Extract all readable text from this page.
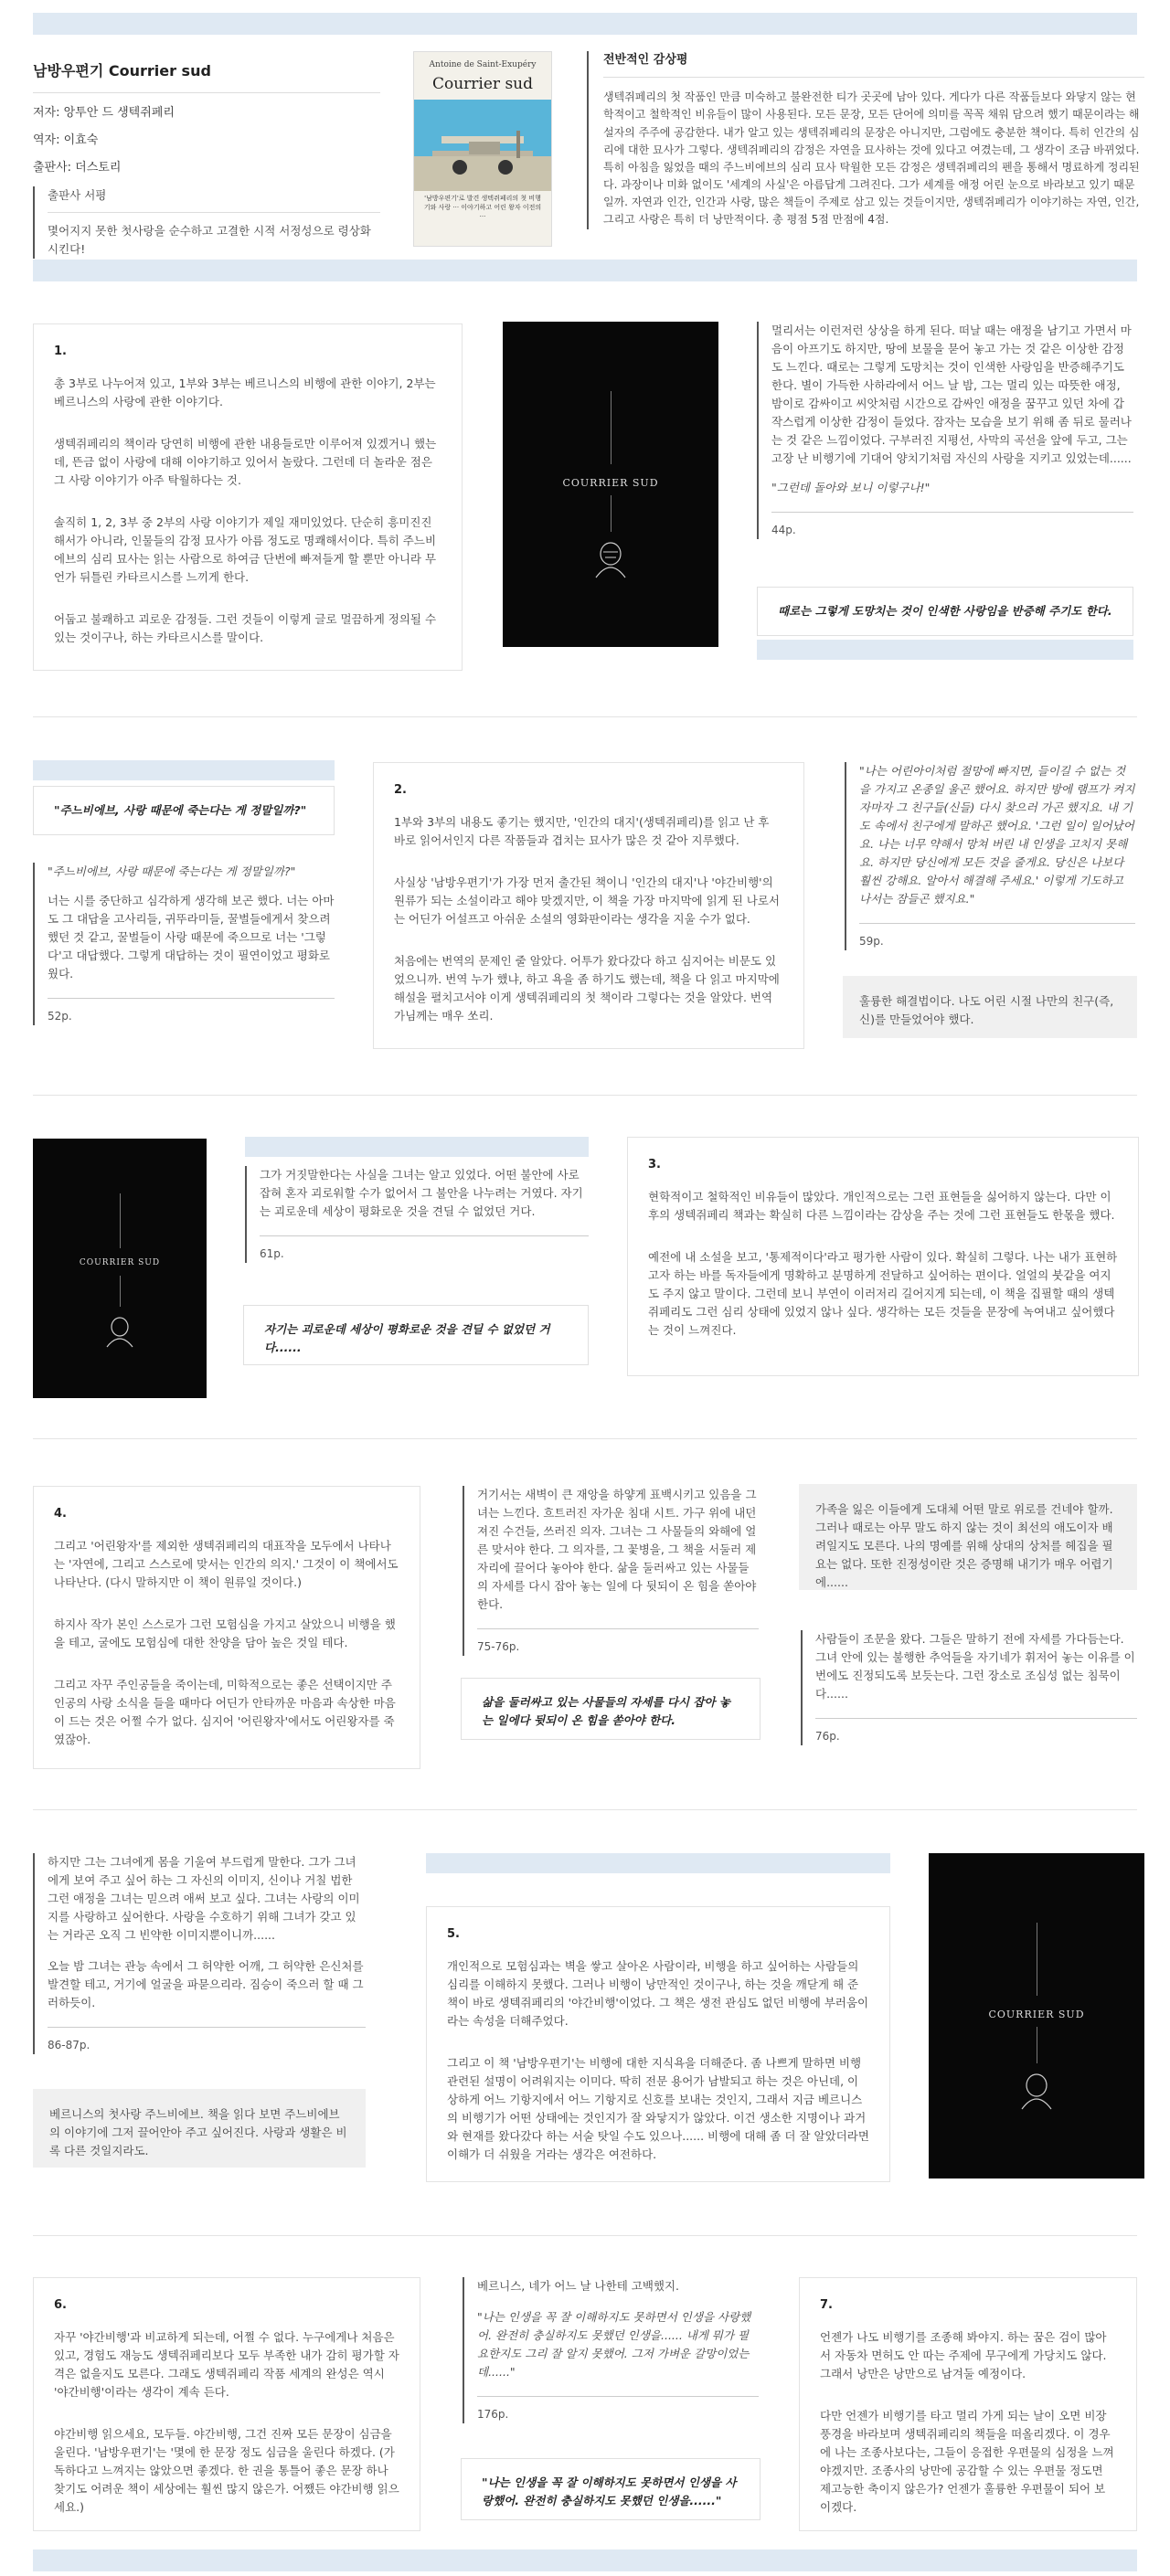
남방우편기 Courrier sud
저자: 앙투안 드 생텍쥐페리
역자: 이효숙
출판사: 더스토리
출판사 서평
몇어지지 못한 첫사랑을 순수하고 고결한 시적 서정성으로 령상화시킨다!
Antoine de Saint-Exupéry
Courrier sud
'남방우편기'로 발견 생텍쥐페리의 첫 비행기와 사랑 ··· 이야기하고 어린 왕자 이전의 ···
전반적인 감상평
생텍쥐페리의 첫 작품인 만큼 미숙하고 불완전한 티가 곳곳에 남아 있다. 게다가 다른 작품들보다 와닿지 않는 현학적이고 철학적인 비유들이 많이 사용된다. 모든 문장, 모든 단어에 의미를 꼭꼭 채워 담으려 했기 때문이라는 해설자의 주주에 공감한다. 내가 알고 있는 생텍쥐페리의 문장은 아니지만, 그럼에도 충분한 책이다. 특히 인간의 심리에 대한 묘사가 그렇다. 생텍쥐페리의 감정은 자연을 묘사하는 것에 있다고 여겼는데, 그 생각이 조금 바뀌었다. 특히 아침을 잃었을 때의 주느비에브의 심리 묘사 탁월한 모든 감정은 생텍쥐페리의 펜을 통해서 명료하게 정리된다. 과장이나 미화 없이도 '세계의 사실'은 아름답게 그려진다. 그가 세계를 애정 어린 눈으로 바라보고 있기 때문일까. 자연과 인간, 인간과 사랑, 많은 책들이 주제로 삼고 있는 것들이지만, 생텍쥐페리가 이야기하는 자연, 인간, 그리고 사랑은 특히 더 낭만적이다. 총 평점 5점 만점에 4점.
1.

총 3부로 나누어져 있고, 1부와 3부는 베르니스의 비행에 관한 이야기, 2부는 베르니스의 사랑에 관한 이야기다.

생텍쥐페리의 책이라 당연히 비행에 관한 내용들로만 이루어져 있겠거니 했는데, 뜬금 없이 사랑에 대해 이야기하고 있어서 놀랐다. 그런데 더 놀라운 점은 그 사랑 이야기가 아주 탁월하다는 것.

솔직히 1, 2, 3부 중 2부의 사랑 이야기가 제일 재미있었다. 단순히 흥미진진해서가 아니라, 인물들의 감정 묘사가 아름 정도로 명쾌해서이다. 특히 주느비에브의 심리 묘사는 읽는 사람으로 하여금 단번에 빠져들게 할 뿐만 아니라 무언가 뒤틀린 카타르시스를 느끼게 한다.

어둡고 불쾌하고 괴로운 감정들. 그런 것들이 이렇게 글로 멀끔하게 정의될 수 있는 것이구나, 하는 카타르시스를 말이다.

COURRIER SUD
멀리서는 이런저런 상상을 하게 된다. 떠날 때는 애정을 남기고 가면서 마음이 아프기도 하지만, 땅에 보물을 묻어 놓고 가는 것 같은 이상한 감정도 느낀다. 때로는 그렇게 도망치는 것이 인색한 사랑임을 반증해주기도 한다. 별이 가득한 사하라에서 어느 날 밤, 그는 멀리 있는 따뜻한 애정, 밤이로 감싸이고 씨앗처럼 시간으로 감싸인 애정을 꿈꾸고 있던 차에 갑작스럽게 이상한 감정이 들었다. 잠자는 모습을 보기 위해 좀 뒤로 물러나는 것 같은 느낌이었다. 구부러진 지평선, 사막의 곡선을 앞에 두고, 그는 고장 난 비행기에 기대어 양치기처럼 자신의 사랑을 지키고 있었는데......
"그런데 돌아와 보니 이렇구나!"
44p.
때로는 그렇게 도망치는 것이 인색한 사랑임을 반증해 주기도 한다.
"주느비에브, 사랑 때문에 죽는다는 게 정말일까?"
"주느비에브, 사랑 때문에 죽는다는 게 정말일까?"
너는 시를 중단하고 심각하게 생각해 보곤 했다. 너는 아마도 그 대답을 고사리들, 귀뚜라미들, 꿀벌들에게서 찾으려 했던 것 같고, 꿀벌들이 사랑 때문에 죽으므로 너는 '그렇다'고 대답했다. 그렇게 대답하는 것이 필연이었고 평화로웠다.
52p.
2.

1부와 3부의 내용도 좋기는 했지만, '인간의 대지'(생텍쥐페리)를 읽고 난 후 바로 읽어서인지 다른 작품들과 겹치는 묘사가 많은 것 같아 지루했다.

사실상 '남방우편기'가 가장 먼저 출간된 책이니 '인간의 대지'나 '야간비행'의 원류가 되는 소설이라고 해야 맞겠지만, 이 책을 가장 마지막에 읽게 된 나로서는 어딘가 어설프고 아쉬운 소설의 영화판이라는 생각을 지울 수가 없다.

처음에는 번역의 문제인 줄 알았다. 어투가 왔다갔다 하고 심지어는 비문도 있었으니까. 번역 누가 했냐, 하고 욕을 좀 하기도 했는데, 책을 다 읽고 마지막에 해설을 펼치고서야 이게 생텍쥐페리의 첫 책이라 그렇다는 것을 알았다. 번역가님께는 매우 쏘리.

"나는 어린아이처럼 절망에 빠지면, 들이길 수 없는 것을 가지고 온종일 울곤 했어요. 하지만 방에 램프가 켜지자마자 그 친구들(신들) 다시 찾으러 가곤 했지요. 내 기도 속에서 친구에게 말하곤 했어요. '그런 일이 일어났어요. 나는 너무 약해서 망쳐 버린 내 인생을 고치지 못해요. 하지만 당신에게 모든 것을 줄게요. 당신은 나보다 훨씬 강해요. 알아서 해결해 주세요.' 이렇게 기도하고 나서는 잠들곤 했지요."
59p.
훌륭한 해결법이다. 나도 어린 시절 나만의 친구(즉, 신)를 만들었어야 했다.
COURRIER SUD
그가 거짓말한다는 사실을 그녀는 알고 있었다. 어떤 불안에 사로잡혀 혼자 괴로워할 수가 없어서 그 불안을 나누려는 거였다. 자기는 괴로운데 세상이 평화로운 것을 견딜 수 없었던 거다.
61p.
자기는 괴로운데 세상이 평화로운 것을 견딜 수 없었던 거다......
3.

현학적이고 철학적인 비유들이 많았다. 개인적으로는 그런 표현들을 싫어하지 않는다. 다만 이후의 생텍쥐페리 책과는 확실히 다른 느낌이라는 감상을 주는 것에 그런 표현들도 한몫을 했다.

예전에 내 소설을 보고, '통제적이다'라고 평가한 사람이 있다. 확실히 그렇다. 나는 내가 표현하고자 하는 바를 독자들에게 명확하고 분명하게 전달하고 싶어하는 편이다. 얼얼의 붓같을 여지도 주지 않고 말이다. 그런데 보니 부연이 이러저리 길어지게 되는데, 이 책을 집필할 때의 생텍쥐페리도 그런 심리 상태에 있었지 않나 싶다. 생각하는 모든 것들을 문장에 녹여내고 싶어했다는 것이 느껴진다.

4.

그리고 '어린왕자'를 제외한 생텍쥐페리의 대표작을 모두에서 나타나는 '자연에, 그리고 스스로에 맞서는 인간의 의지.' 그것이 이 책에서도 나타난다. (다시 말하지만 이 책이 원류일 것이다.)

하지사 작가 본인 스스로가 그런 모험심을 가지고 살았으니 비행을 했을 테고, 굴에도 모험심에 대한 찬양을 담아 높은 것일 테다.

그리고 자꾸 주인공들을 죽이는데, 미학적으로는 좋은 선택이지만 주인공의 사랑 소식을 들을 때마다 어딘가 안타까운 마음과 속상한 마음이 드는 것은 어쩔 수가 없다. 심지어 '어린왕자'에서도 어린왕자를 죽였잖아.

거기서는 새벽이 큰 재앙을 하얗게 표백시키고 있음을 그녀는 느낀다. 흐트러진 자가운 침대 시트. 가구 위에 내던져진 수건들, 쓰러진 의자. 그녀는 그 사물들의 와해에 얼른 맞서야 한다. 그 의자를, 그 꽃병을, 그 책을 서둘러 제자리에 끌어다 놓아야 한다. 삶을 둘러싸고 있는 사물들의 자세를 다시 잡아 놓는 일에 다 뒷되이 온 힘을 쏟아야 한다.
75-76p.
삶을 둘러싸고 있는 사물들의 자세를 다시 잡아 놓는 일에다 뒷되이 온 힘을 쏟아야 한다.
가족을 잃은 이들에게 도대체 어떤 말로 위로를 건네야 할까. 그러나 때로는 아무 말도 하지 않는 것이 최선의 애도이자 배려일지도 모른다. 나의 명예를 위해 상대의 상처를 헤집을 필요는 없다. 또한 진정성이란 것은 증명해 내기가 매우 어렵기에......
사람들이 조문을 왔다. 그들은 말하기 전에 자세를 가다듬는다. 그녀 안에 있는 불행한 추억들을 자기네가 휘저어 놓는 이유를 이번에도 진정되도록 보듯는다. 그런 장소로 조심성 없는 침묵이다......
76p.
하지만 그는 그녀에게 몸을 기울여 부드럽게 말한다. 그가 그녀에게 보여 주고 싶어 하는 그 자신의 이미지, 신이나 거칠 법한 그런 애정을 그녀는 믿으려 애써 보고 싶다. 그녀는 사랑의 이미지를 사랑하고 싶어한다. 사랑을 수호하기 위해 그녀가 갖고 있는 거라곤 오직 그 빈약한 이미지뿐이니까......
오늘 밤 그녀는 관능 속에서 그 허약한 어깨, 그 허약한 은신처를 발견할 테고, 거기에 얼굴을 파묻으리라. 짐승이 죽으러 할 때 그러하듯이.
86-87p.
베르니스의 첫사랑 주느비에브. 책을 읽다 보면 주느비에브의 이야기에 그저 끌어안아 주고 싶어진다. 사랑과 생활은 비록 다른 것일지라도.
5.

개인적으로 모험심과는 벽을 쌓고 살아온 사람이라, 비행을 하고 싶어하는 사람들의 심리를 이해하지 못했다. 그러나 비행이 낭만적인 것이구나, 하는 것을 깨닫게 해 준 책이 바로 생텍쥐페리의 '야간비행'이었다. 그 책은 생전 관심도 없던 비행에 부러움이라는 속성을 더해주었다.

그리고 이 책 '남방우편기'는 비행에 대한 지식욕을 더해준다. 좀 나쁘게 말하면 비행 관련된 설명이 어려워지는 이미다. 딱히 전문 용어가 남발되고 하는 것은 아닌데, 이상하게 어느 기항지에서 어느 기항지로 신호를 보내는 것인지, 그래서 지금 베르니스의 비행기가 어떤 상태에는 것인지가 잘 와닿지가 않았다. 이건 생소한 지명이나 과거와 현재를 왔다갔다 하는 서술 탓일 수도 있으나...... 비행에 대해 좀 더 잘 알았더라면 이해가 더 쉬웠을 거라는 생각은 여전하다.

COURRIER SUD
6.

자꾸 '야간비행'과 비교하게 되는데, 어쩔 수 없다. 누구에게나 처음은 있고, 경험도 재능도 생텍쥐페리보다 모두 부족한 내가 감히 평가할 자격은 없을지도 모른다. 그래도 생텍쥐페리 작품 세계의 완성은 역시 '야간비행'이라는 생각이 계속 든다.

야간비행 읽으세요, 모두들. 야간비행, 그건 진짜 모든 문장이 심금을 울린다. '남방우편기'는 '몇에 한 문장 정도 심금을 울린다 하겠다. (가독하다고 느껴지는 않았으면 좋겠다. 한 권을 통틀어 좋은 문장 하나 찾기도 어려운 책이 세상에는 훨씬 많지 않은가. 어쨌든 야간비행 읽으세요.)

베르니스, 네가 어느 날 나한테 고백했지.
"나는 인생을 꼭 잘 이해하지도 못하면서 인생을 사랑했어. 완전히 충실하지도 못했던 인생을...... 내게 뭐가 필요한지도 그리 잘 알지 못했어. 그저 가벼운 갈망이었는데......"
176p.
"나는 인생을 꼭 잘 이해하지도 못하면서 인생을 사랑했어. 완전히 충실하지도 못했던 인생을......"
7.

언젠가 나도 비행기를 조종해 봐야지. 하는 꿈은 검이 많아서 자동차 면허도 안 따는 주제에 무구에게 가당치도 않다. 그래서 낭만은 낭만으로 남겨둘 예정이다.

다만 언젠가 비행기를 타고 멀리 가게 되는 날이 오면 비장풍경을 바라보며 생텍쥐페리의 책들을 떠올리겠다. 이 경우에 나는 조종사보다는, 그들이 응접한 우편물의 심정을 느껴야겠지만. 조종사의 낭만에 공감할 수 있는 우편물 정도면 제고능한 축이지 않은가? 언젠가 훌륭한 우편물이 되어 보이겠다.
